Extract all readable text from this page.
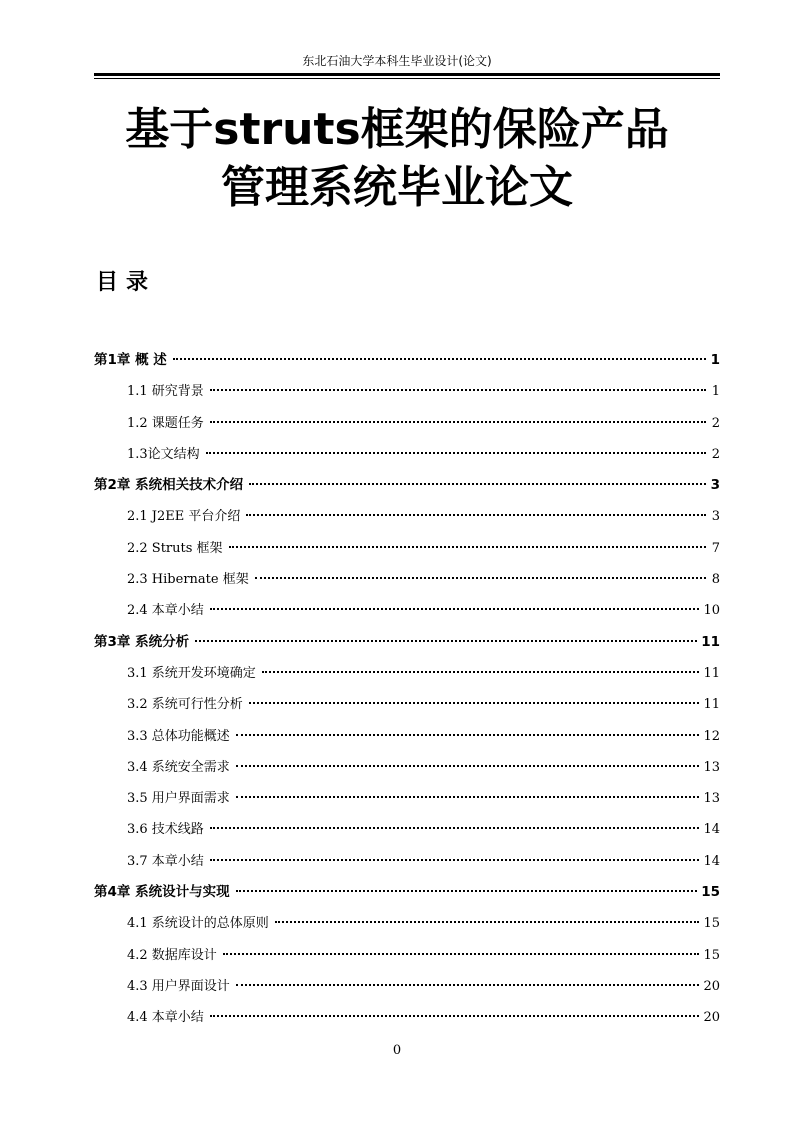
东北石油大学本科生毕业设计(论文)
基于struts框架的保险产品
管理系统毕业论文
目录
第1章 概 述	1
1.1 研究背景	1
1.2 课题任务	2
1.3论文结构	2
第2章 系统相关技术介绍	3
2.1 J2EE 平台介绍	3
2.2 Struts 框架	7
2.3 Hibernate 框架	8
2.4 本章小结	10
第3章 系统分析	11
3.1 系统开发环境确定	11
3.2 系统可行性分析	11
3.3 总体功能概述	12
3.4 系统安全需求	13
3.5 用户界面需求	13
3.6 技术线路	14
3.7 本章小结	14
第4章 系统设计与实现	15
4.1 系统设计的总体原则	15
4.2 数据库设计	15
4.3 用户界面设计	20
4.4 本章小结	20
0
